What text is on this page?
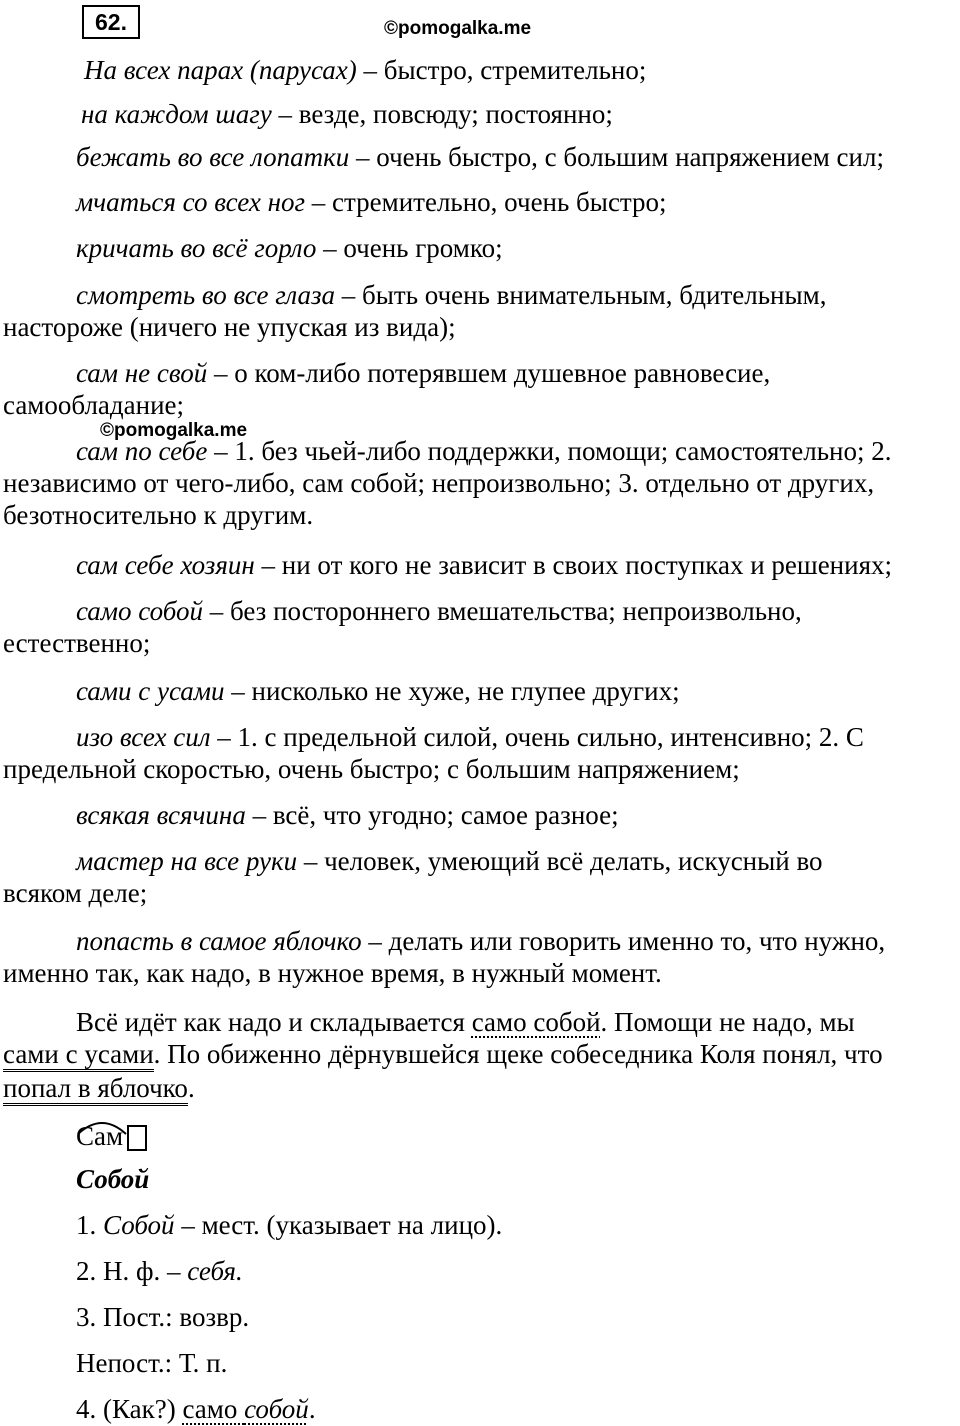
62.	©pomogalka.me
На всех парах (парусах) – быстро, стремительно;
на каждом шагу – везде, повсюду; постоянно;
бежать во все лопатки – очень быстро, с большим напряжением сил;
мчаться со всех ног – стремительно, очень быстро;
кричать во всё горло – очень громко;
смотреть во все глаза – быть очень внимательным, бдительным,
настороже (ничего не упуская из вида);
сам не свой – о ком-либо потерявшем душевное равновесие,
самообладание;
сам по себе – 1. без чьей-либо поддержки, помощи; самостоятельно; 2.
независимо от чего-либо, сам собой; непроизвольно; 3. отдельно от других,
безотносительно к другим.
сам себе хозяин – ни от кого не зависит в своих поступках и решениях;
само собой – без постороннего вмешательства; непроизвольно,
естественно;
сами с усами – нисколько не хуже, не глупее других;
изо всех сил – 1. с предельной силой, очень сильно, интенсивно; 2. С
предельной скоростью, очень быстро; с большим напряжением;
всякая всячина – всё, что угодно; самое разное;
мастер на все руки – человек, умеющий всё делать, искусный во
всяком деле;
попасть в самое яблочко – делать или говорить именно то, что нужно,
именно так, как надо, в нужное время, в нужный момент.
©pomogalka.me
Всё идёт как надо и складывается само собой. Помощи не надо, мы
сами с усами. По обиженно дёрнувшейся щеке собеседника Коля понял, что
попал в яблочко.
Сам
Собой
1. Собой – мест. (указывает на лицо).
2. Н. ф. – себя.
3. Пост.: возвр.
Непост.: Т. п.
4. (Как?) само собой.
